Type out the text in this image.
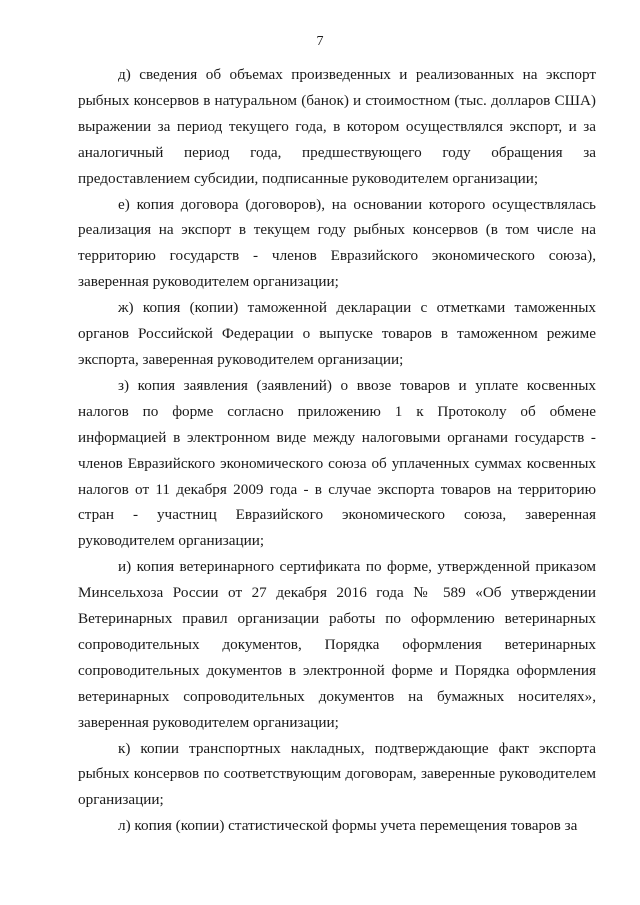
7

д) сведения об объемах произведенных и реализованных на экспорт рыбных консервов в натуральном (банок) и стоимостном (тыс. долларов США) выражении за период текущего года, в котором осуществлялся экспорт, и за аналогичный период года, предшествующего году обращения за предоставлением субсидии, подписанные руководителем организации;

е) копия договора (договоров), на основании которого осуществлялась реализация на экспорт в текущем году рыбных консервов (в том числе на территорию государств - членов Евразийского экономического союза), заверенная руководителем организации;

ж) копия (копии) таможенной декларации с отметками таможенных органов Российской Федерации о выпуске товаров в таможенном режиме экспорта, заверенная руководителем организации;

з) копия заявления (заявлений) о ввозе товаров и уплате косвенных налогов по форме согласно приложению 1 к Протоколу об обмене информацией в электронном виде между налоговыми органами государств - членов Евразийского экономического союза об уплаченных суммах косвенных налогов от 11 декабря 2009 года - в случае экспорта товаров на территорию стран - участниц Евразийского экономического союза, заверенная руководителем организации;

и) копия ветеринарного сертификата по форме, утвержденной приказом Минсельхоза России от 27 декабря 2016 года № 589 «Об утверждении Ветеринарных правил организации работы по оформлению ветеринарных сопроводительных документов, Порядка оформления ветеринарных сопроводительных документов в электронной форме и Порядка оформления ветеринарных сопроводительных документов на бумажных носителях», заверенная руководителем организации;

к) копии транспортных накладных, подтверждающие факт экспорта рыбных консервов по соответствующим договорам, заверенные руководителем организации;

л) копия (копии) статистической формы учета перемещения товаров за
